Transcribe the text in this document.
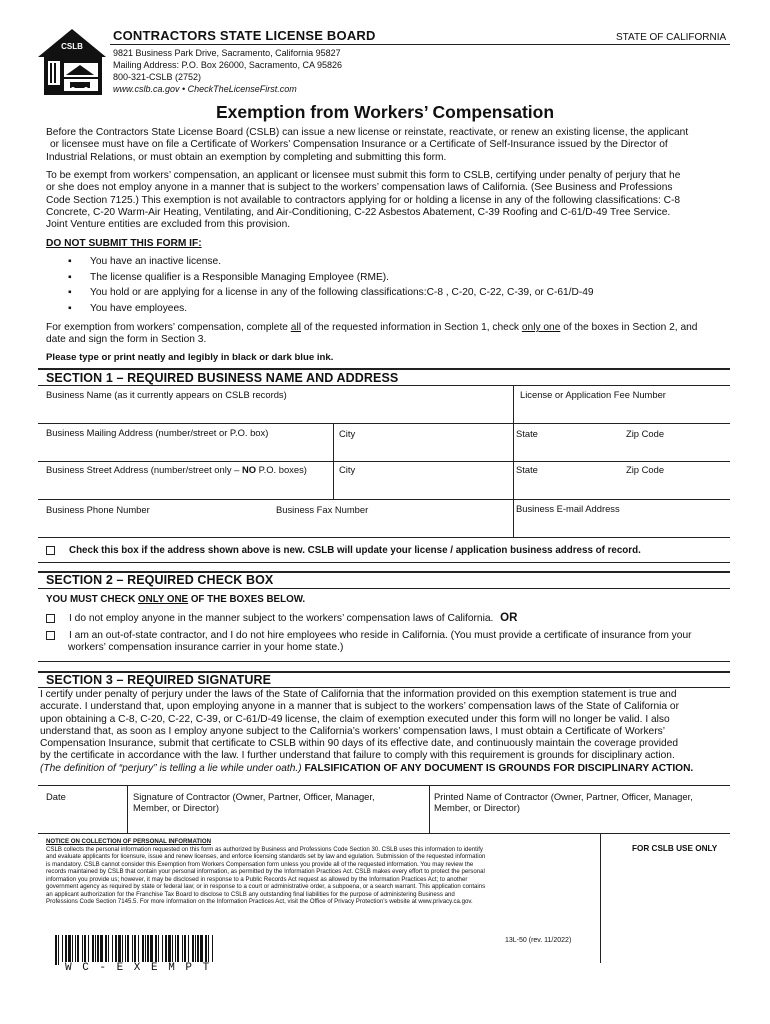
CSLB
CONTRACTORS STATE LICENSE BOARD	STATE OF CALIFORNIA
9821 Business Park Drive, Sacramento, California 95827
Mailing Address: P.O. Box 26000, Sacramento, CA 95826
800-321-CSLB (2752)
www.cslb.ca.gov • CheckTheLicenseFirst.com
Exemption from Workers’ Compensation
Before the Contractors State License Board (CSLB) can issue a new license or reinstate, reactivate, or renew an existing license, the applicant
or licensee must have on file a Certificate of Workers’ Compensation Insurance or a Certificate of Self-Insurance issued by the Director of
Industrial Relations, or must obtain an exemption by completing and submitting this form.
To be exempt from workers’ compensation, an applicant or licensee must submit this form to CSLB, certifying under penalty of perjury that he
or she does not employ anyone in a manner that is subject to the workers’ compensation laws of California. (See Business and Professions
Code Section 7125.) This exemption is not available to contractors applying for or holding a license in any of the following classifications: C-8
Concrete, C-20 Warm-Air Heating, Ventilating, and Air-Conditioning, C-22 Asbestos Abatement, C-39 Roofing and C-61/D-49 Tree Service.
Joint Venture entities are excluded from this provision.
DO NOT SUBMIT THIS FORM IF:
▪ You have an inactive license.
▪ The license qualifier is a Responsible Managing Employee (RME).
▪ You hold or are applying for a license in any of the following classifications:C-8 , C-20, C-22, C-39, or C-61/D-49
▪ You have employees.
For exemption from workers’ compensation, complete all of the requested information in Section 1, check only one of the boxes in Section 2, and
date and sign the form in Section 3.
Please type or print neatly and legibly in black or dark blue ink.
SECTION 1 – REQUIRED BUSINESS NAME AND ADDRESS
Business Name (as it currently appears on CSLB records)	License or Application Fee Number
Business Mailing Address (number/street or P.O. box)	City	State	Zip Code
Business Street Address (number/street only – NO P.O. boxes)	City	State	Zip Code
Business Phone Number	Business Fax Number	Business E-mail Address
Check this box if the address shown above is new. CSLB will update your license / application business address of record.
SECTION 2 – REQUIRED CHECK BOX
YOU MUST CHECK ONLY ONE OF THE BOXES BELOW.
I do not employ anyone in the manner subject to the workers’ compensation laws of California. OR
I am an out-of-state contractor, and I do not hire employees who reside in California. (You must provide a certificate of insurance from your
workers’ compensation insurance carrier in your home state.)
SECTION 3 – REQUIRED SIGNATURE
I certify under penalty of perjury under the laws of the State of California that the information provided on this exemption statement is true and
accurate. I understand that, upon employing anyone in a manner that is subject to the workers’ compensation laws of the State of California or
upon obtaining a C-8, C-20, C-22, C-39, or C-61/D-49 license, the claim of exemption executed under this form will no longer be valid. I also
understand that, as soon as I employ anyone subject to the California’s workers’ compensation laws, I must obtain a Certificate of Workers’
Compensation Insurance, submit that certificate to CSLB within 90 days of its effective date, and continuously maintain the coverage provided
by the certificate in accordance with the law. I further understand that failure to comply with this requirement is grounds for disciplinary action.
(The definition of “perjury” is telling a lie while under oath.) FALSIFICATION OF ANY DOCUMENT IS GROUNDS FOR DISCIPLINARY ACTION.
Date	Signature of Contractor (Owner, Partner, Officer, Manager,
Member, or Director)
Printed Name of Contractor (Owner, Partner, Officer, Manager,
Member, or Director)
NOTICE ON COLLECTION OF PERSONAL INFORMATION
CSLB collects the personal information requested on this form as authorized by Business and Professions Code Section 30. CSLB uses this information to identify
and evaluate applicants for licensure, issue and renew licenses, and enforce licensing standards set by law and egulation. Submission of the requested information
is mandatory. CSLB cannot consider this Exemption from Workers Compensation form unless you provide all of the requested information. You may review the
records maintained by CSLB that contain your personal information, as permitted by the Information Practices Act. CSLB makes every effort to protect the personal
information you provide us; however, it may be disclosed in response to a Public Records Act request as allowed by the Information Practices Act; to another
government agency as required by state or federal law; or in response to a court or administrative order, a subpoena, or a search warrant. This application contains
an applicant authorization for the Franchise Tax Board to disclose to CSLB any outstanding final liabilities for the purpose of administering Business and
Professions Code Section 7145.5. For more information on the Information Practices Act, visit the Office of Privacy Protection’s website at www.privacy.ca.gov.
FOR CSLB USE ONLY
13L-50 (rev. 11/2022)
W C - E X E M P T
